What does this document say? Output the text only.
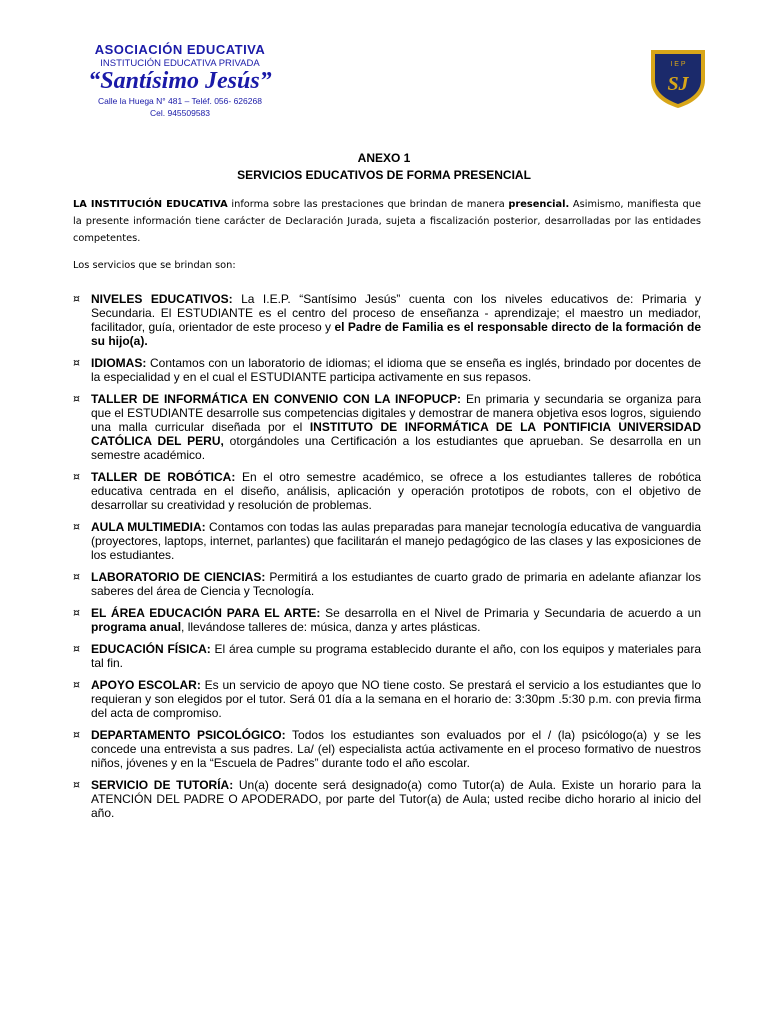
ASOCIACIÓN EDUCATIVA
INSTITUCIÓN EDUCATIVA PRIVADA
“Santísimo Jesús”
Calle la Huega N° 481 – Teléf. 056- 626268
Cel. 945509583
I E P
SJ
ANEXO 1
SERVICIOS EDUCATIVOS DE FORMA PRESENCIAL
LA INSTITUCIÓN EDUCATIVA informa sobre las prestaciones que brindan de manera presencial. Asimismo, manifiesta que la presente información tiene carácter de Declaración Jurada, sujeta a fiscalización posterior, desarrolladas por las entidades competentes.
Los servicios que se brindan son:
¤ NIVELES EDUCATIVOS: La I.E.P. “Santísimo Jesús” cuenta con los niveles educativos de: Primaria y Secundaria. El ESTUDIANTE es el centro del proceso de enseñanza - aprendizaje; el maestro un mediador, facilitador, guía, orientador de este proceso y el Padre de Familia es el responsable directo de la formación de su hijo(a).
¤ IDIOMAS: Contamos con un laboratorio de idiomas; el idioma que se enseña es inglés, brindado por docentes de la especialidad y en el cual el ESTUDIANTE participa activamente en sus repasos.
¤ TALLER DE INFORMÁTICA EN CONVENIO CON LA INFOPUCP: En primaria y secundaria se organiza para que el ESTUDIANTE desarrolle sus competencias digitales y demostrar de manera objetiva esos logros, siguiendo una malla curricular diseñada por el INSTITUTO DE INFORMÁTICA DE LA PONTIFICIA UNIVERSIDAD CATÓLICA DEL PERU, otorgándoles una Certificación a los estudiantes que aprueban. Se desarrolla en un semestre académico.
¤ TALLER DE ROBÓTICA: En el otro semestre académico, se ofrece a los estudiantes talleres de robótica educativa centrada en el diseño, análisis, aplicación y operación prototipos de robots, con el objetivo de desarrollar su creatividad y resolución de problemas.
¤ AULA MULTIMEDIA: Contamos con todas las aulas preparadas para manejar tecnología educativa de vanguardia (proyectores, laptops, internet, parlantes) que facilitarán el manejo pedagógico de las clases y las exposiciones de los estudiantes.
¤ LABORATORIO DE CIENCIAS: Permitirá a los estudiantes de cuarto grado de primaria en adelante afianzar los saberes del área de Ciencia y Tecnología.
¤ EL ÁREA EDUCACIÓN PARA EL ARTE: Se desarrolla en el Nivel de Primaria y Secundaria de acuerdo a un programa anual, llevándose talleres de: música, danza y artes plásticas.
¤ EDUCACIÓN FÍSICA: El área cumple su programa establecido durante el año, con los equipos y materiales para tal fin.
¤ APOYO ESCOLAR: Es un servicio de apoyo que NO tiene costo. Se prestará el servicio a los estudiantes que lo requieran y son elegidos por el tutor. Será 01 día a la semana en el horario de: 3:30pm .5:30 p.m. con previa firma del acta de compromiso.
¤ DEPARTAMENTO PSICOLÓGICO: Todos los estudiantes son evaluados por el / (la) psicólogo(a) y se les concede una entrevista a sus padres. La/ (el) especialista actúa activamente en el proceso formativo de nuestros niños, jóvenes y en la “Escuela de Padres” durante todo el año escolar.
¤ SERVICIO DE TUTORÍA: Un(a) docente será designado(a) como Tutor(a) de Aula. Existe un horario para la ATENCIÓN DEL PADRE O APODERADO, por parte del Tutor(a) de Aula; usted recibe dicho horario al inicio del año.
